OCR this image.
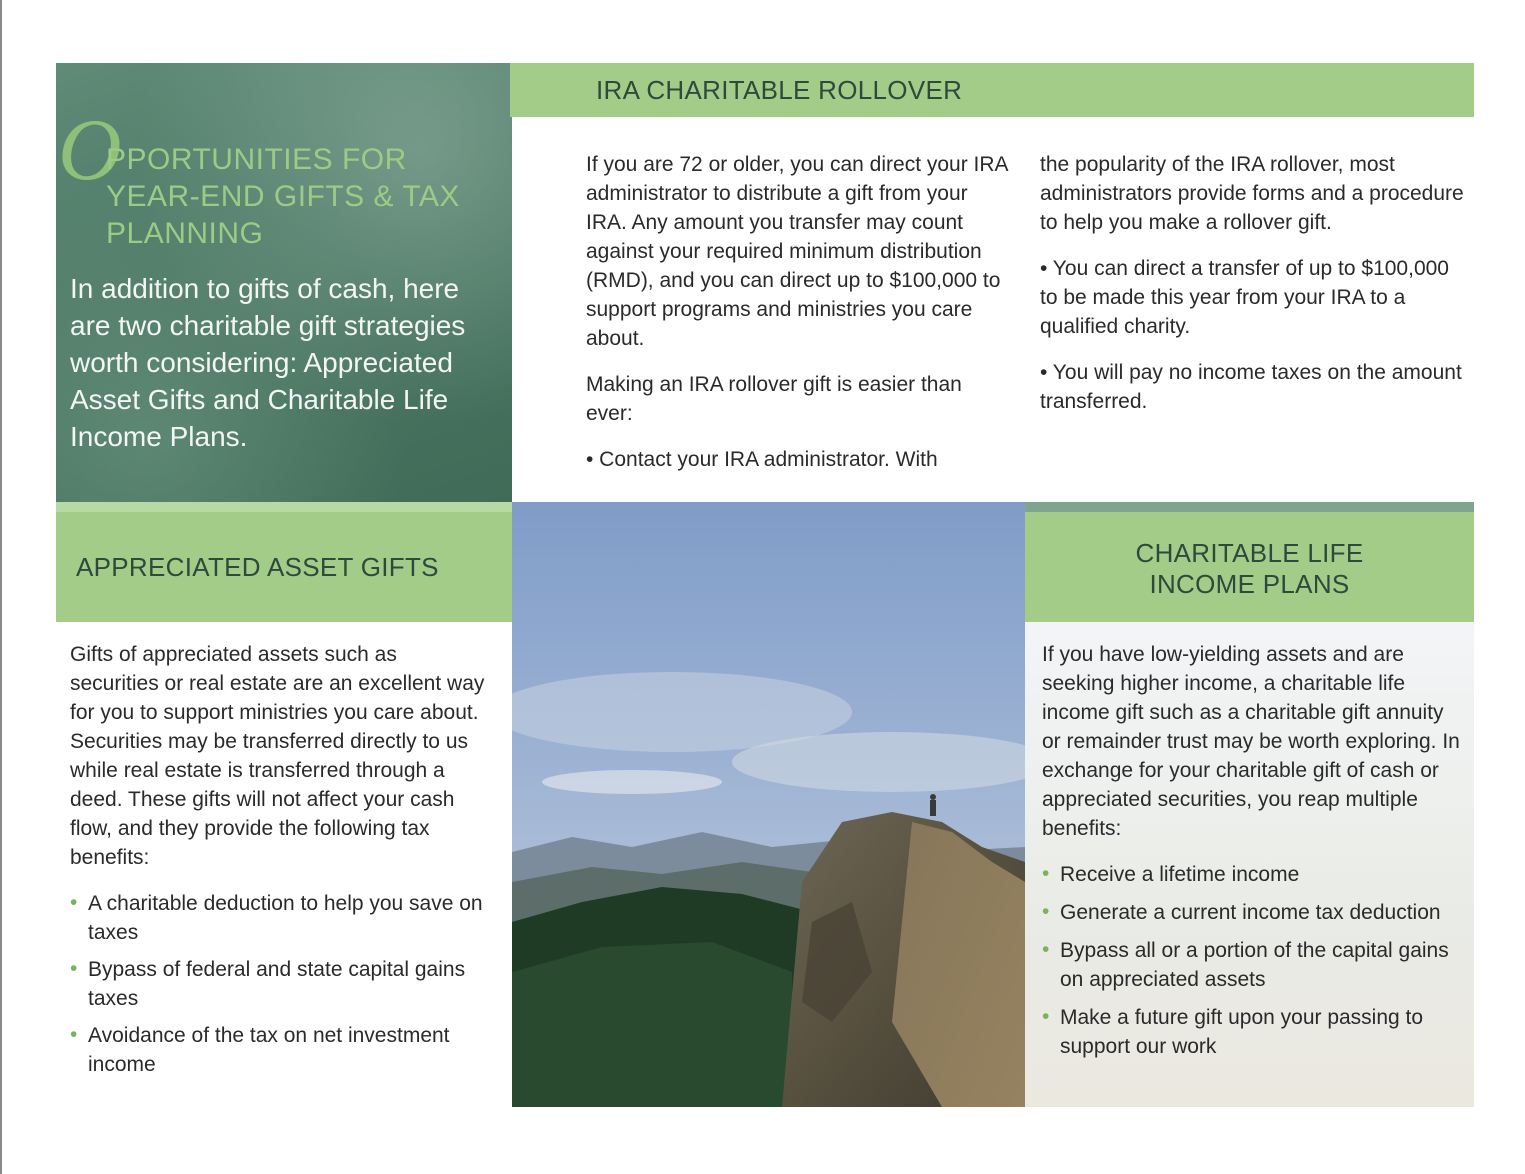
O
PPORTUNITIES FOR YEAR-END GIFTS & TAX PLANNING
In addition to gifts of cash, here are two charitable gift strategies worth considering: Appreciated Asset Gifts and Charitable Life Income Plans.
IRA CHARITABLE ROLLOVER

If you are 72 or older, you can direct your IRA administrator to distribute a gift from your IRA. Any amount you transfer may count against your required minimum distribution (RMD), and you can direct up to $100,000 to support programs and ministries you care about.

Making an IRA rollover gift is easier than ever:

• Contact your IRA administrator. With

the popularity of the IRA rollover, most administrators provide forms and a procedure to help you make a rollover gift.

• You can direct a transfer of up to $100,000 to be made this year from your IRA to a qualified charity.

• You will pay no income taxes on the amount transferred.

APPRECIATED ASSET GIFTS

Gifts of appreciated assets such as securities or real estate are an excellent way for you to support ministries you care about. Securities may be transferred directly to us while real estate is transferred through a deed. These gifts will not affect your cash flow, and they provide the following tax benefits:

• A charitable deduction to help you save on taxes
• Bypass of federal and state capital gains taxes
• Avoidance of the tax on net investment income
CHARITABLE LIFE
INCOME PLANS

If you have low-yielding assets and are seeking higher income, a charitable life income gift such as a charitable gift annuity or remainder trust may be worth exploring. In exchange for your charitable gift of cash or appreciated securities, you reap multiple benefits:

• Receive a lifetime income
• Generate a current income tax deduction
• Bypass all or a portion of the capital gains on appreciated assets
• Make a future gift upon your passing to support our work
